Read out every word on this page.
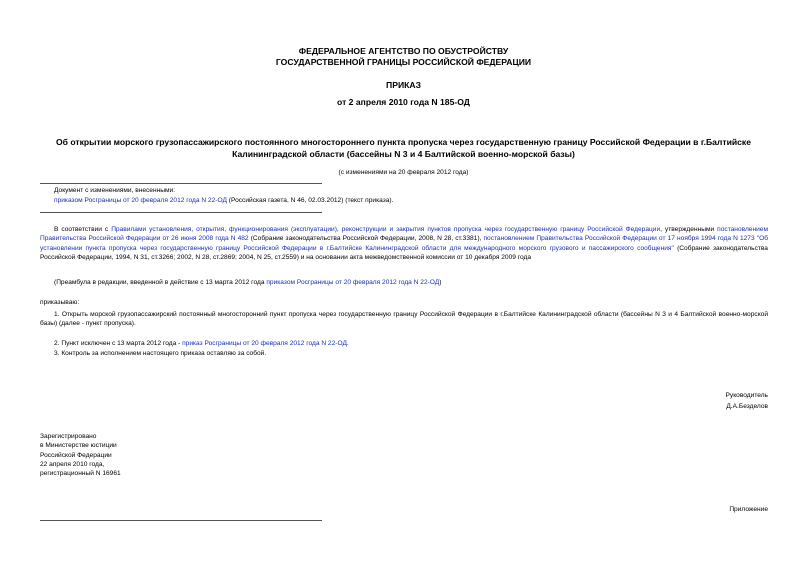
ФЕДЕРАЛЬНОЕ АГЕНТСТВО ПО ОБУСТРОЙСТВУ
ГОСУДАРСТВЕННОЙ ГРАНИЦЫ РОССИЙСКОЙ ФЕДЕРАЦИИ
ПРИКАЗ
от 2 апреля 2010 года N 185-ОД
Об открытии морского грузопассажирского постоянного многостороннего пункта пропуска через государственную границу Российской Федерации в г.Балтийске
Калининградской области (бассейны N 3 и 4 Балтийской военно-морской базы)
(с изменениями на 20 февраля 2012 года)
Документ с изменениями, внесенными:
приказом Росграницы от 20 февраля 2012 года N 22-ОД (Российская газета, N 46, 02.03.2012) (текст приказа).
В соответствии с Правилами установления, открытия, функционирования (эксплуатации), реконструкции и закрытия пунктов пропуска через государственную границу Российской Федерации, утвержденными постановлением Правительства Российской Федерации от 26 июня 2008 года N 482 (Собрание законодательства Российской Федерации, 2008, N 28, ст.3381), постановлением Правительства Российской Федерации от 17 ноября 1994 года N 1273 "Об установлении пункта пропуска через государственную границу Российской Федерации в г.Балтийске Калининградской области для международного морского грузового и пассажирского сообщения" (Собрание законодательства Российской Федерации, 1994, N 31, ст.3266; 2002, N 28, ст.2869; 2004, N 25, ст.2559) и на основании акта межведомственной комиссии от 10 декабря 2009 года
(Преамбула в редакции, введенной в действие с 13 марта 2012 года приказом Росграницы от 20 февраля 2012 года N 22-ОД)
приказываю:
1. Открыть морской грузопассажирский постоянный многосторонний пункт пропуска через государственную границу Российской Федерации в г.Балтийске Калининградской области (бассейны N 3 и 4 Балтийской военно-морской базы) (далее - пункт пропуска).
2. Пункт исключен с 13 марта 2012 года - приказ Росграницы от 20 февраля 2012 года N 22-ОД.
3. Контроль за исполнением настоящего приказа оставляю за собой.
Руководитель
Д.А.Безделов
Зарегистрировано
в Министерстве юстиции
Российской Федерации
22 апреля 2010 года,
регистрационный N 16961
Приложение
